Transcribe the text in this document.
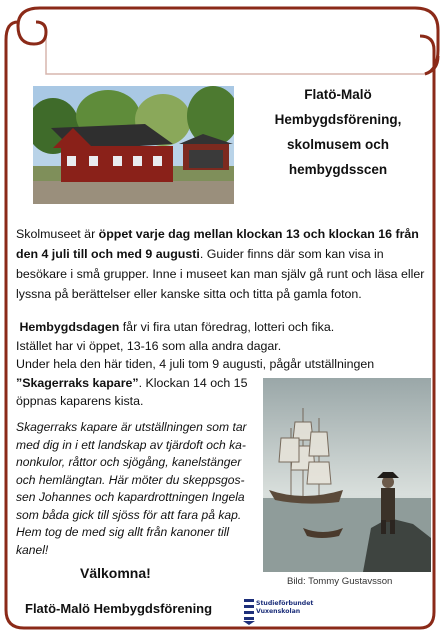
Flatö-Malö
Hembygdsförening,
skolmusem och
hembygdsscen
Skolmuseet är öppet varje dag mellan klockan 13 och klockan 16 från den 4 juli till och med 9 augusti. Guider finns där som kan visa in besökare i små grupper. Inne i museet kan man själv gå runt och läsa eller lyssna på berättelser eller kanske sitta och titta på gamla foton.
Hembygdsdagen får vi fira utan föredrag, lotteri och fika.
Istället har vi öppet, 13-16 som alla andra dagar.
Under hela den här tiden, 4 juli tom 9 augusti, pågår utställningen
”Skagerraks kapare”. Klockan 14 och 15
öppnas kaparens kista.
Skagerraks kapare är utställningen som tar
med dig in i ett landskap av tjärdoft och ka-
nonkulor, råttor och sjögång, kanelstänger
och hemlängtan. Här möter du skeppsgos-
sen Johannes och kapardrottningen Ingela
som båda gick till sjöss för att fara på kap.
Hem tog de med sig allt från kanoner till
kanel!
Bild: Tommy Gustavsson
Välkomna!
Flatö-Malö Hembygdsförening	Studieförbundet
Vuxenskolan
